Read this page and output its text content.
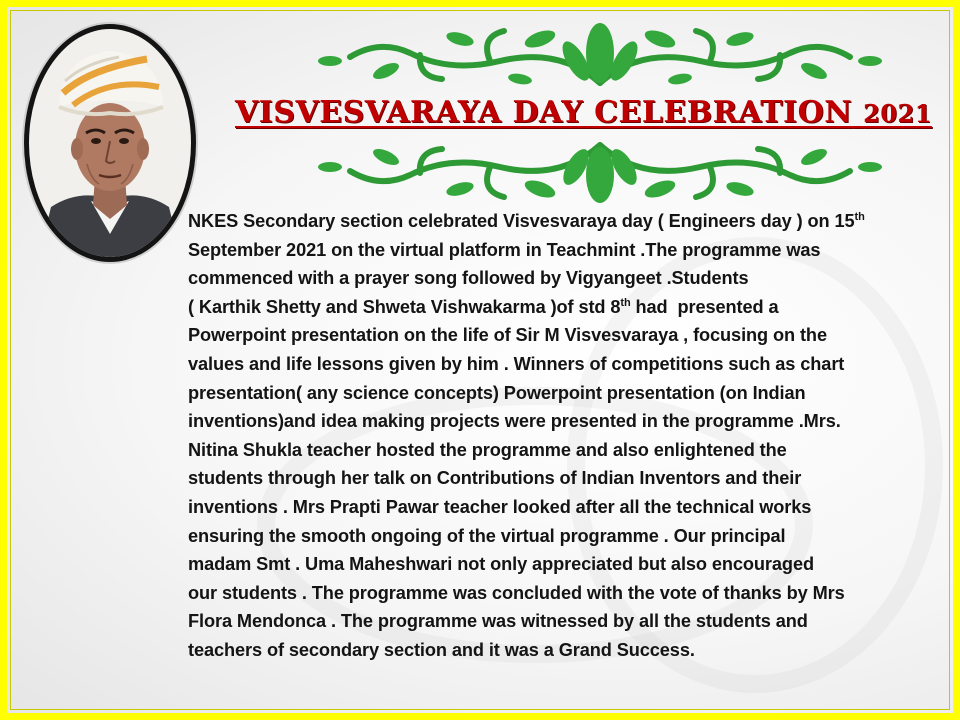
VISVESVARAYA DAY CELEBRATION 2021
NKES Secondary section celebrated Visvesvaraya day ( Engineers day ) on 15th
September 2021 on the virtual platform in Teachmint .The programme was
commenced with a prayer song followed by Vigyangeet .Students
( Karthik Shetty and Shweta Vishwakarma )of std 8th had  presented a
Powerpoint presentation on the life of Sir M Visvesvaraya , focusing on the
values and life lessons given by him . Winners of competitions such as chart
presentation( any science concepts) Powerpoint presentation (on Indian
inventions)and idea making projects were presented in the programme .Mrs.
Nitina Shukla teacher hosted the programme and also enlightened the
students through her talk on Contributions of Indian Inventors and their
inventions . Mrs Prapti Pawar teacher looked after all the technical works
ensuring the smooth ongoing of the virtual programme . Our principal
madam Smt . Uma Maheshwari not only appreciated but also encouraged
our students . The programme was concluded with the vote of thanks by Mrs
Flora Mendonca . The programme was witnessed by all the students and
teachers of secondary section and it was a Grand Success.
